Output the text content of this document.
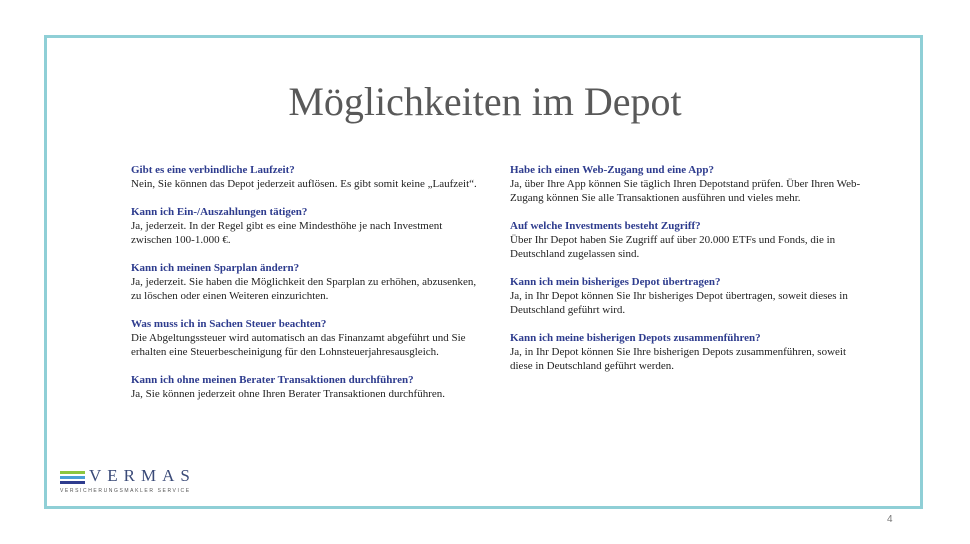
Möglichkeiten im Depot
Gibt es eine verbindliche Laufzeit?
Nein, Sie können das Depot jederzeit auflösen. Es gibt somit keine „Laufzeit“.
Kann ich Ein-/Auszahlungen tätigen?
Ja, jederzeit. In der Regel gibt es eine Mindesthöhe je nach Investment zwischen 100-1.000 €.
Kann ich meinen Sparplan ändern?
Ja, jederzeit. Sie haben die Möglichkeit den Sparplan zu erhöhen, abzusenken, zu löschen oder einen Weiteren einzurichten.
Was muss ich in Sachen Steuer beachten?
Die Abgeltungssteuer wird automatisch an das Finanzamt abgeführt und Sie erhalten eine Steuerbescheinigung für den Lohnsteuerjahresausgleich.
Kann ich ohne meinen Berater Transaktionen durchführen?
Ja, Sie können jederzeit ohne Ihren Berater Transaktionen durchführen.
Habe ich einen Web-Zugang und eine App?
Ja, über Ihre App können Sie täglich Ihren Depotstand prüfen. Über Ihren Web-Zugang können Sie alle Transaktionen ausführen und vieles mehr.
Auf welche Investments besteht Zugriff?
Über Ihr Depot haben Sie Zugriff auf über 20.000 ETFs und Fonds, die in Deutschland zugelassen sind.
Kann ich mein bisheriges Depot übertragen?
Ja, in Ihr Depot können Sie Ihr bisheriges Depot übertragen, soweit dieses in Deutschland geführt wird.
Kann ich meine bisherigen Depots zusammenführen?
Ja, in Ihr Depot können Sie Ihre bisherigen Depots zusammenführen, soweit diese in Deutschland geführt werden.
VERMAS
VERSICHERUNGSMAKLER SERVICE
4
